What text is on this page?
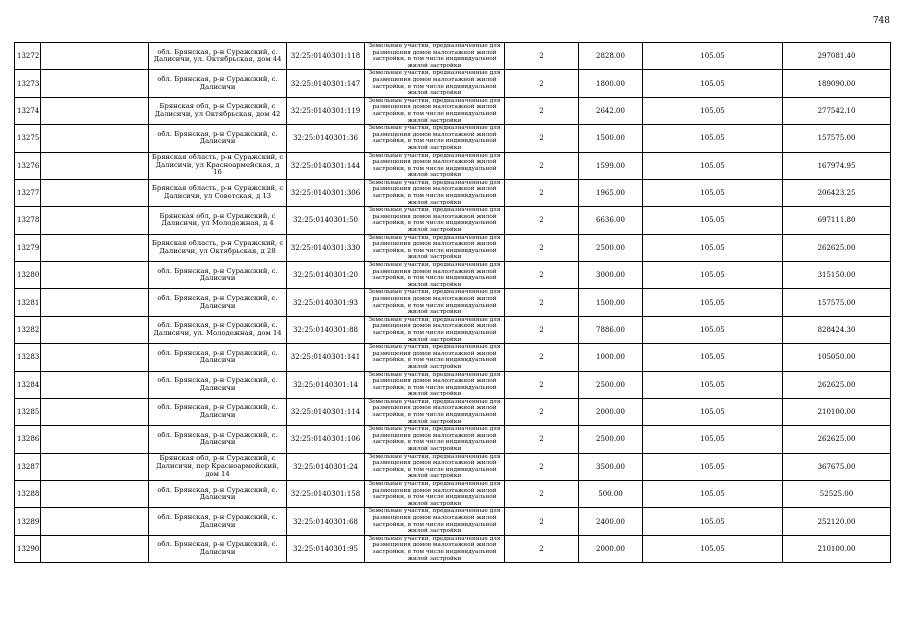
748
13272		обл. Брянская, р-н Суражский, с. Далисичи, ул. Октябрьская, дом 44	32:25:0140301:118	Земельные участки, предназначенные для размещения домов малоэтажной жилой застройки, в том числе индивидуальной жилой застройки	2	2828.00	105.05	297081.40
13273		обл. Брянская, р-н Суражский, с. Далисичи	32:25:0140301:147	Земельные участки, предназначенные для размещения домов малоэтажной жилой застройки, в том числе индивидуальной жилой застройки	2	1800.00	105.05	189090.00
13274		Брянская обл, р-н Суражский, с Далисичи, ул Октябрьская, дом 42	32:25:0140301:119	Земельные участки, предназначенные для размещения домов малоэтажной жилой застройки, в том числе индивидуальной жилой застройки	2	2642.00	105.05	277542.10
13275		обл. Брянская, р-н Суражский, с. Далисичи	32:25:0140301:36	Земельные участки, предназначенные для размещения домов малоэтажной жилой застройки, в том числе индивидуальной жилой застройки	2	1500.00	105.05	157575.00
13276		Брянская область, р-н Суражский, с Далисичи, ул Красноармейская, д 16	32:25:0140301:144	Земельные участки, предназначенные для размещения домов малоэтажной жилой застройки, в том числе индивидуальной жилой застройки	2	1599.00	105.05	167974.95
13277		Брянская область, р-н Суражский, с Далисичи, ул Советская, д 13	32:25:0140301:306	Земельные участки, предназначенные для размещения домов малоэтажной жилой застройки, в том числе индивидуальной жилой застройки	2	1965.00	105.05	206423.25
13278		Брянская обл, р-н Суражский, с Далисичи, ул Молодежная, д 4	32:25:0140301:50	Земельные участки, предназначенные для размещения домов малоэтажной жилой застройки, в том числе индивидуальной жилой застройки	2	6636.00	105.05	697111.80
13279		Брянская область, р-н Суражский, с Далисичи, ул Октябрьская, д 28	32:25:0140301:330	Земельные участки, предназначенные для размещения домов малоэтажной жилой застройки, в том числе индивидуальной жилой застройки	2	2500.00	105.05	262625.00
13280		обл. Брянская, р-н Суражский, с. Далисичи	32:25:0140301:20	Земельные участки, предназначенные для размещения домов малоэтажной жилой застройки, в том числе индивидуальной жилой застройки	2	3000.00	105.05	315150.00
13281		обл. Брянская, р-н Суражский, с. Далисичи	32:25:0140301:93	Земельные участки, предназначенные для размещения домов малоэтажной жилой застройки, в том числе индивидуальной жилой застройки	2	1500.00	105.05	157575.00
13282		обл. Брянская, р-н Суражский, с. Далисичи, ул. Молодежная, дом 14	32:25:0140301:88	Земельные участки, предназначенные для размещения домов малоэтажной жилой застройки, в том числе индивидуальной жилой застройки	2	7886.00	105.05	828424.30
13283		обл. Брянская, р-н Суражский, с. Далисичи	32:25:0140301:141	Земельные участки, предназначенные для размещения домов малоэтажной жилой застройки, в том числе индивидуальной жилой застройки	2	1000.00	105.05	105050.00
13284		обл. Брянская, р-н Суражский, с. Далисичи	32:25:0140301:14	Земельные участки, предназначенные для размещения домов малоэтажной жилой застройки, в том числе индивидуальной жилой застройки	2	2500.00	105.05	262625.00
13285		обл. Брянская, р-н Суражский, с. Далисичи	32:25:0140301:114	Земельные участки, предназначенные для размещения домов малоэтажной жилой застройки, в том числе индивидуальной жилой застройки	2	2000.00	105.05	210100.00
13286		обл. Брянская, р-н Суражский, с. Далисичи	32:25:0140301:106	Земельные участки, предназначенные для размещения домов малоэтажной жилой застройки, в том числе индивидуальной жилой застройки	2	2500.00	105.05	262625.00
13287		Брянская обл, р-н Суражский, с Далисичи, пер Красноармейский, дом 14	32:25:0140301:24	Земельные участки, предназначенные для размещения домов малоэтажной жилой застройки, в том числе индивидуальной жилой застройки	2	3500.00	105.05	367675.00
13288		обл. Брянская, р-н Суражский, с. Далисичи	32:25:0140301:158	Земельные участки, предназначенные для размещения домов малоэтажной жилой застройки, в том числе индивидуальной жилой застройки	2	500.00	105.05	52525.00
13289		обл. Брянская, р-н Суражский, с. Далисичи	32:25:0140301:68	Земельные участки, предназначенные для размещения домов малоэтажной жилой застройки, в том числе индивидуальной жилой застройки	2	2400.00	105.05	252120.00
13290		обл. Брянская, р-н Суражский, с. Далисичи	32:25:0140301:95	Земельные участки, предназначенные для размещения домов малоэтажной жилой застройки, в том числе индивидуальной жилой застройки	2	2000.00	105.05	210100.00
